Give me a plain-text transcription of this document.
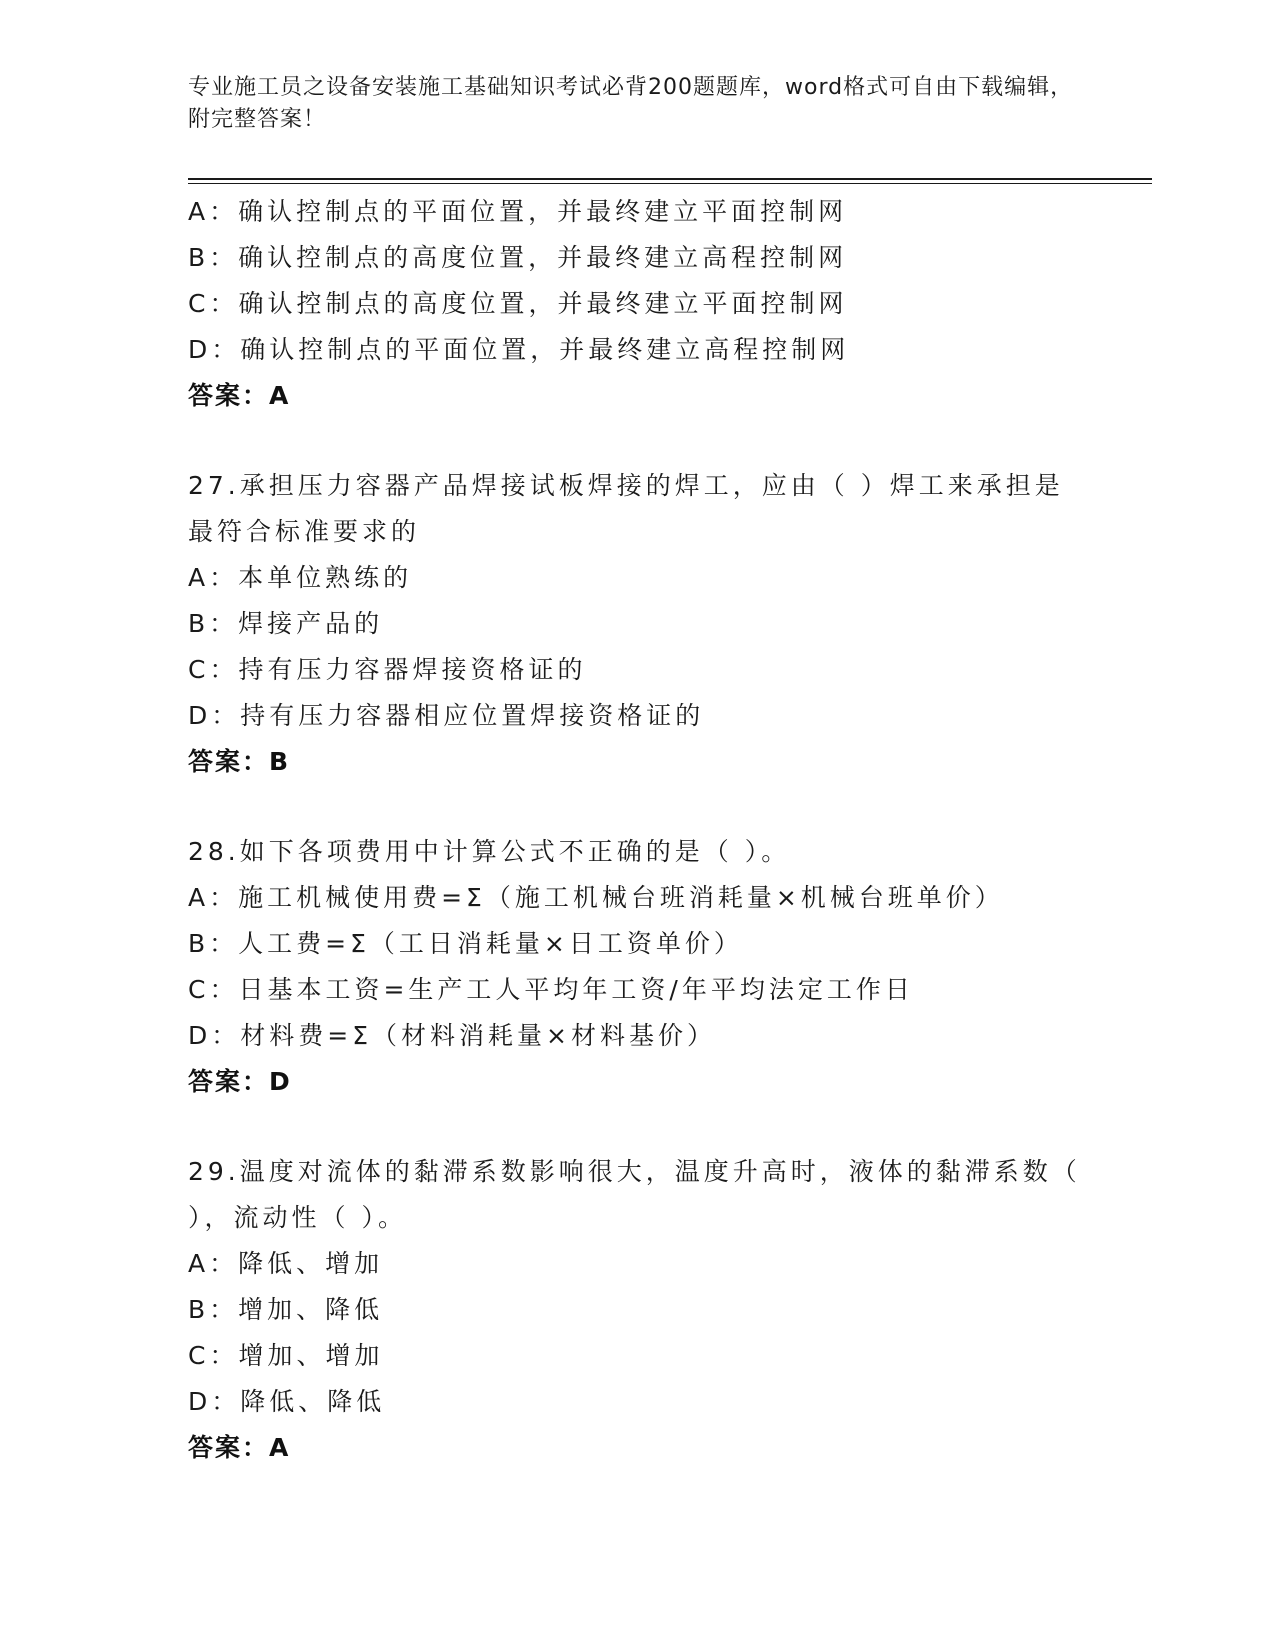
专业施工员之设备安装施工基础知识考试必背200题题库，word格式可自由下载编辑，附完整答案！
A：确认控制点的平面位置，并最终建立平面控制网
B：确认控制点的高度位置，并最终建立高程控制网
C：确认控制点的高度位置，并最终建立平面控制网
D：确认控制点的平面位置，并最终建立高程控制网
答案：A
27.承担压力容器产品焊接试板焊接的焊工，应由（ ）焊工来承担是
最符合标准要求的
A：本单位熟练的
B：焊接产品的
C：持有压力容器焊接资格证的
D：持有压力容器相应位置焊接资格证的
答案：B
28.如下各项费用中计算公式不正确的是（ ）。
A：施工机械使用费=Σ（施工机械台班消耗量×机械台班单价）
B：人工费=Σ（工日消耗量×日工资单价）
C：日基本工资=生产工人平均年工资/年平均法定工作日
D：材料费=Σ（材料消耗量×材料基价）
答案：D
29.温度对流体的黏滞系数影响很大，温度升高时，液体的黏滞系数（
），流动性（ ）。
A：降低、增加
B：增加、降低
C：增加、增加
D：降低、降低
答案：A
